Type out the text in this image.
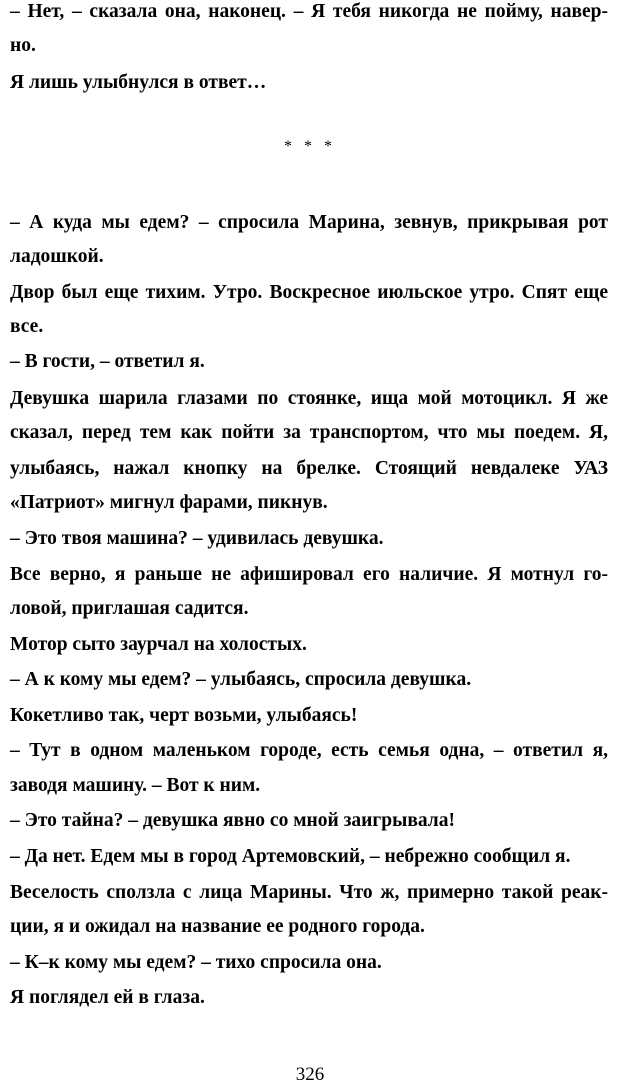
– Нет, – сказала она, наконец. – Я тебя никогда не пойму, навер-
но.
Я лишь улыбнулся в ответ…
* * *
– А куда мы едем? – спросила Марина, зевнув, прикрывая рот
ладошкой.
Двор был еще тихим. Утро. Воскресное июльское утро. Спят еще
все.
– В гости, – ответил я.
Девушка шарила глазами по стоянке, ища мой мотоцикл. Я же
сказал, перед тем как пойти за транспортом, что мы поедем. Я,
улыбаясь, нажал кнопку на брелке. Стоящий невдалеке УАЗ
«Патриот» мигнул фарами, пикнув.
– Это твоя машина? – удивилась девушка.
Все верно, я раньше не афишировал его наличие. Я мотнул го-
ловой, приглашая садится.
Мотор сыто заурчал на холостых.
– А к кому мы едем? – улыбаясь, спросила девушка.
Кокетливо так, черт возьми, улыбаясь!
– Тут в одном маленьком городе, есть семья одна, – ответил я,
заводя машину. – Вот к ним.
– Это тайна? – девушка явно со мной заигрывала!
– Да нет. Едем мы в город Артемовский, – небрежно сообщил я.
Веселость сползла с лица Марины. Что ж, примерно такой реак-
ции, я и ожидал на название ее родного города.
– К–к кому мы едем? – тихо спросила она.
Я поглядел ей в глаза.
326
